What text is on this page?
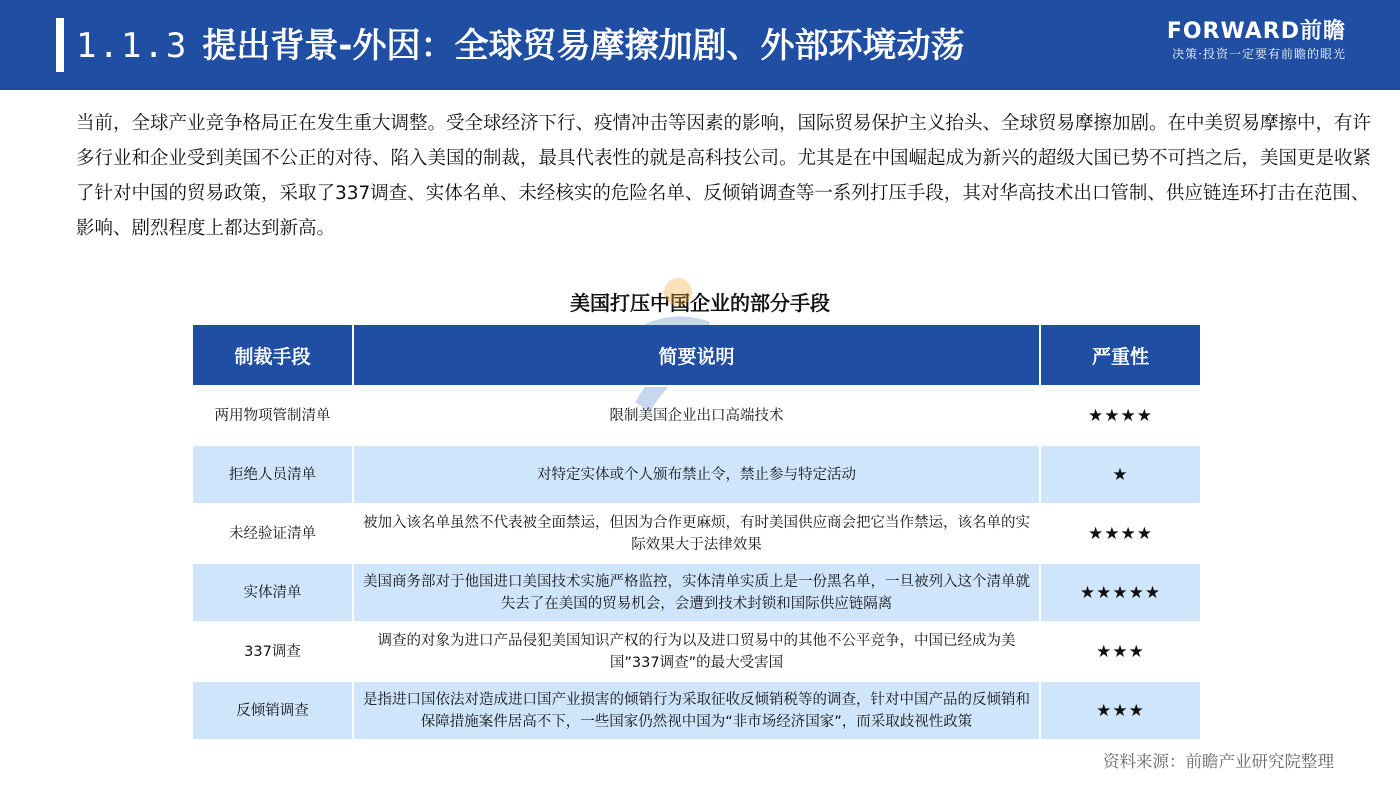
1.1.3 提出背景-外因：全球贸易摩擦加剧、外部环境动荡	FORWARD前瞻
决策·投资一定要有前瞻的眼光
当前，全球产业竞争格局正在发生重大调整。受全球经济下行、疫情冲击等因素的影响，国际贸易保护主义抬头、全球贸易摩擦加剧。在中美贸易摩擦中，有许多行业和企业受到美国不公正的对待、陷入美国的制裁，最具代表性的就是高科技公司。尤其是在中国崛起成为新兴的超级大国已势不可挡之后，美国更是收紧了针对中国的贸易政策，采取了337调查、实体名单、未经核实的危险名单、反倾销调查等一系列打压手段，其对华高技术出口管制、供应链连环打击在范围、影响、剧烈程度上都达到新高。
美国打压中国企业的部分手段
制裁手段	简要说明	严重性
两用物项管制清单	限制美国企业出口高端技术	★★★★
拒绝人员清单	对特定实体或个人颁布禁止令，禁止参与特定活动	★
未经验证清单	被加入该名单虽然不代表被全面禁运，但因为合作更麻烦，有时美国供应商会把它当作禁运，该名单的实际效果大于法律效果	★★★★
实体清单	美国商务部对于他国进口美国技术实施严格监控，实体清单实质上是一份黑名单，一旦被列入这个清单就失去了在美国的贸易机会，会遭到技术封锁和国际供应链隔离	★★★★★
337调查	调查的对象为进口产品侵犯美国知识产权的行为以及进口贸易中的其他不公平竞争，中国已经成为美国”337调查”的最大受害国	★★★
反倾销调查	是指进口国依法对造成进口国产业损害的倾销行为采取征收反倾销税等的调查，针对中国产品的反倾销和保障措施案件居高不下，一些国家仍然视中国为“非市场经济国家”，而采取歧视性政策	★★★
资料来源：前瞻产业研究院整理
